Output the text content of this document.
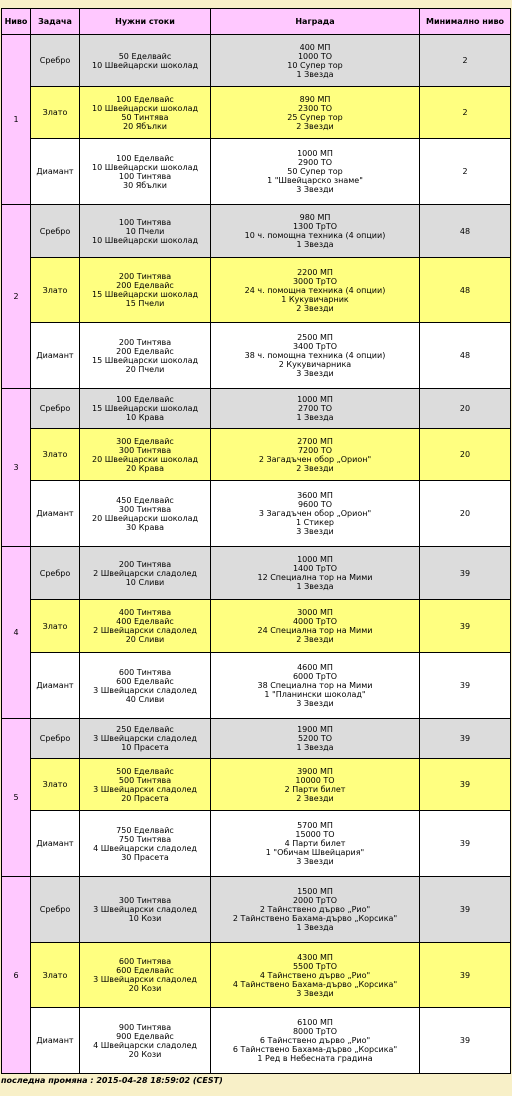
Ниво	Задача	Нужни стоки	Награда	Минимално ниво
1	Сребро	50 Еделвайс
10 Швейцарски шоколад	400 МП
1000 ТО
10 Супер тор
1 Звезда	2
	Злато	100 Еделвайс
10 Швейцарски шоколад
50 Тинтява
20 Ябълки	890 МП
2300 ТО
25 Супер тор
2 Звезди	2
	Диамант	100 Еделвайс
10 Швейцарски шоколад
100 Тинтява
30 Ябълки	1000 МП
2900 ТО
50 Супер тор
1 "Швейцарско знаме"
3 Звезди	2
2	Сребро	100 Тинтява
10 Пчели
10 Швейцарски шоколад	980 МП
1300 ТрТО
10 ч. помощна техника (4 опции)
1 Звезда	48
	Злато	200 Тинтява
200 Еделвайс
15 Швейцарски шоколад
15 Пчели	2200 МП
3000 ТрТО
24 ч. помощна техника (4 опции)
1 Кукувичарник
2 Звезди	48
	Диамант	200 Тинтява
200 Еделвайс
15 Швейцарски шоколад
20 Пчели	2500 МП
3400 ТрТО
38 ч. помощна техника (4 опции)
2 Кукувичарника
3 Звезди	48
3	Сребро	100 Еделвайс
15 Швейцарски шоколад
10 Крава	1000 МП
2700 ТО
1 Звезда	20
	Злато	300 Еделвайс
300 Тинтява
20 Швейцарски шоколад
20 Крава	2700 МП
7200 ТО
2 Загадъчен обор „Орион"
2 Звезди	20
	Диамант	450 Еделвайс
300 Тинтява
20 Швейцарски шоколад
30 Крава	3600 МП
9600 ТО
3 Загадъчен обор „Орион"
1 Стикер
3 Звезди	20
4	Сребро	200 Тинтява
2 Швейцарски сладолед
10 Сливи	1000 МП
1400 ТрТО
12 Специална тор на Мими
1 Звезда	39
	Злато	400 Тинтява
400 Еделвайс
2 Швейцарски сладолед
20 Сливи	3000 МП
4000 ТрТО
24 Специална тор на Мими
2 Звезди	39
	Диамант	600 Тинтява
600 Еделвайс
3 Швейцарски сладолед
40 Сливи	4600 МП
6000 ТрТО
38 Специална тор на Мими
1 "Планински шоколад"
3 Звезди	39
5	Сребро	250 Еделвайс
3 Швейцарски сладолед
10 Прасета	1900 МП
5200 ТО
1 Звезда	39
	Злато	500 Еделвайс
500 Тинтява
3 Швейцарски сладолед
20 Прасета	3900 МП
10000 ТО
2 Парти билет
2 Звезди	39
	Диамант	750 Еделвайс
750 Тинтява
4 Швейцарски сладолед
30 Прасета	5700 МП
15000 ТО
4 Парти билет
1 "Обичам Швейцария"
3 Звезди	39
6	Сребро	300 Тинтява
3 Швейцарски сладолед
10 Кози	1500 МП
2000 ТрТО
2 Тайнствено дърво „Рио"
2 Тайнствено Бахама-дърво „Корсика"
1 Звезда	39
	Злато	600 Тинтява
600 Еделвайс
3 Швейцарски сладолед
20 Кози	4300 МП
5500 ТрТО
4 Тайнствено дърво „Рио"
4 Тайнствено Бахама-дърво „Корсика"
3 Звезди	39
	Диамант	900 Тинтява
900 Еделвайс
4 Швейцарски сладолед
20 Кози	6100 МП
8000 ТрТО
6 Тайнствено дърво „Рио"
6 Тайнствено Бахама-дърво „Корсика"
1 Ред в Небесната градина	39
последна промяна : 2015-04-28 18:59:02 (CEST)
